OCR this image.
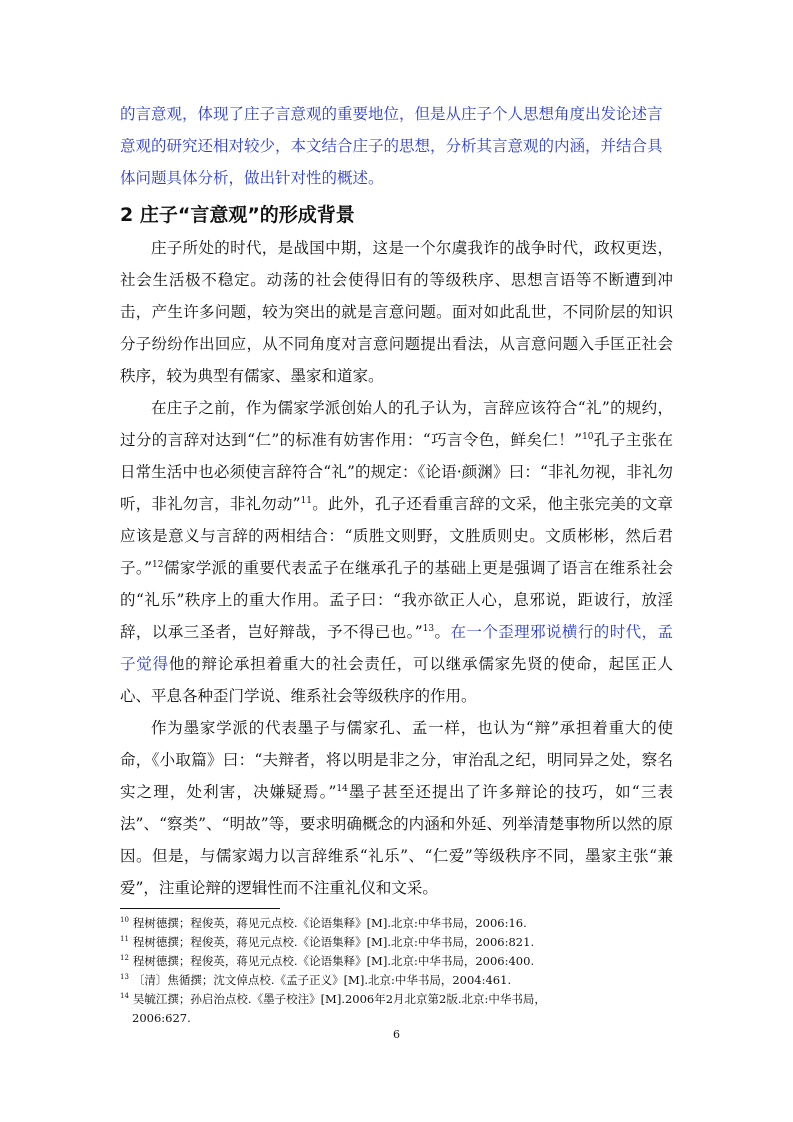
的言意观，体现了庄子言意观的重要地位，但是从庄子个人思想角度出发论述言
意观的研究还相对较少，本文结合庄子的思想，分析其言意观的内涵，并结合具
体问题具体分析，做出针对性的概述。
2 庄子“言意观”的形成背景

庄子所处的时代，是战国中期，这是一个尔虞我诈的战争时代，政权更迭，社会生活极不稳定。动荡的社会使得旧有的等级秩序、思想言语等不断遭到冲击，产生许多问题，较为突出的就是言意问题。面对如此乱世，不同阶层的知识分子纷纷作出回应，从不同角度对言意问题提出看法，从言意问题入手匡正社会秩序，较为典型有儒家、墨家和道家。

在庄子之前，作为儒家学派创始人的孔子认为，言辞应该符合“礼”的规约，过分的言辞对达到“仁”的标准有妨害作用：“巧言令色，鲜矣仁！”$^{10}$孔子主张在日常生活中也必须使言辞符合“礼”的规定：《论语·颜渊》曰：“非礼勿视，非礼勿听，非礼勿言，非礼勿动”$^{11}$。此外，孔子还看重言辞的文采，他主张完美的文章应该是意义与言辞的两相结合：“质胜文则野，文胜质则史。文质彬彬，然后君子。”$^{12}$儒家学派的重要代表孟子在继承孔子的基础上更是强调了语言在维系社会的“礼乐”秩序上的重大作用。孟子曰：“我亦欲正人心，息邪说，距诐行，放淫辞，以承三圣者，岂好辩哉，予不得已也。”$^{13}$。在一个歪理邪说横行的时代，孟子觉得他的辩论承担着重大的社会责任，可以继承儒家先贤的使命，起匡正人心、平息各种歪门学说、维系社会等级秩序的作用。

作为墨家学派的代表墨子与儒家孔、孟一样，也认为“辩”承担着重大的使命，《小取篇》曰：“夫辩者，将以明是非之分，审治乱之纪，明同异之处，察名实之理，处利害，决嫌疑焉。”$^{14}$墨子甚至还提出了许多辩论的技巧，如“三表法”、“察类”、“明故”等，要求明确概念的内涵和外延、列举清楚事物所以然的原因。但是，与儒家竭力以言辞维系“礼乐”、“仁爱”等级秩序不同，墨家主张“兼爱”，注重论辩的逻辑性而不注重礼仪和文采。

$^{10}$ 程树德撰；程俊英，蒋见元点校.《论语集释》[M].北京:中华书局，2006:16.

$^{11}$ 程树德撰；程俊英，蒋见元点校.《论语集释》[M].北京:中华书局，2006:821.

$^{12}$ 程树德撰；程俊英，蒋见元点校.《论语集释》[M].北京:中华书局，2006:400.

$^{13}$ 〔清〕焦循撰；沈文倬点校.《孟子正义》[M].北京:中华书局，2004:461.

$^{14}$ 吴毓江撰；孙启治点校.《墨子校注》[M].2006年2月北京第2版.北京:中华书局，

2006:627.

6
